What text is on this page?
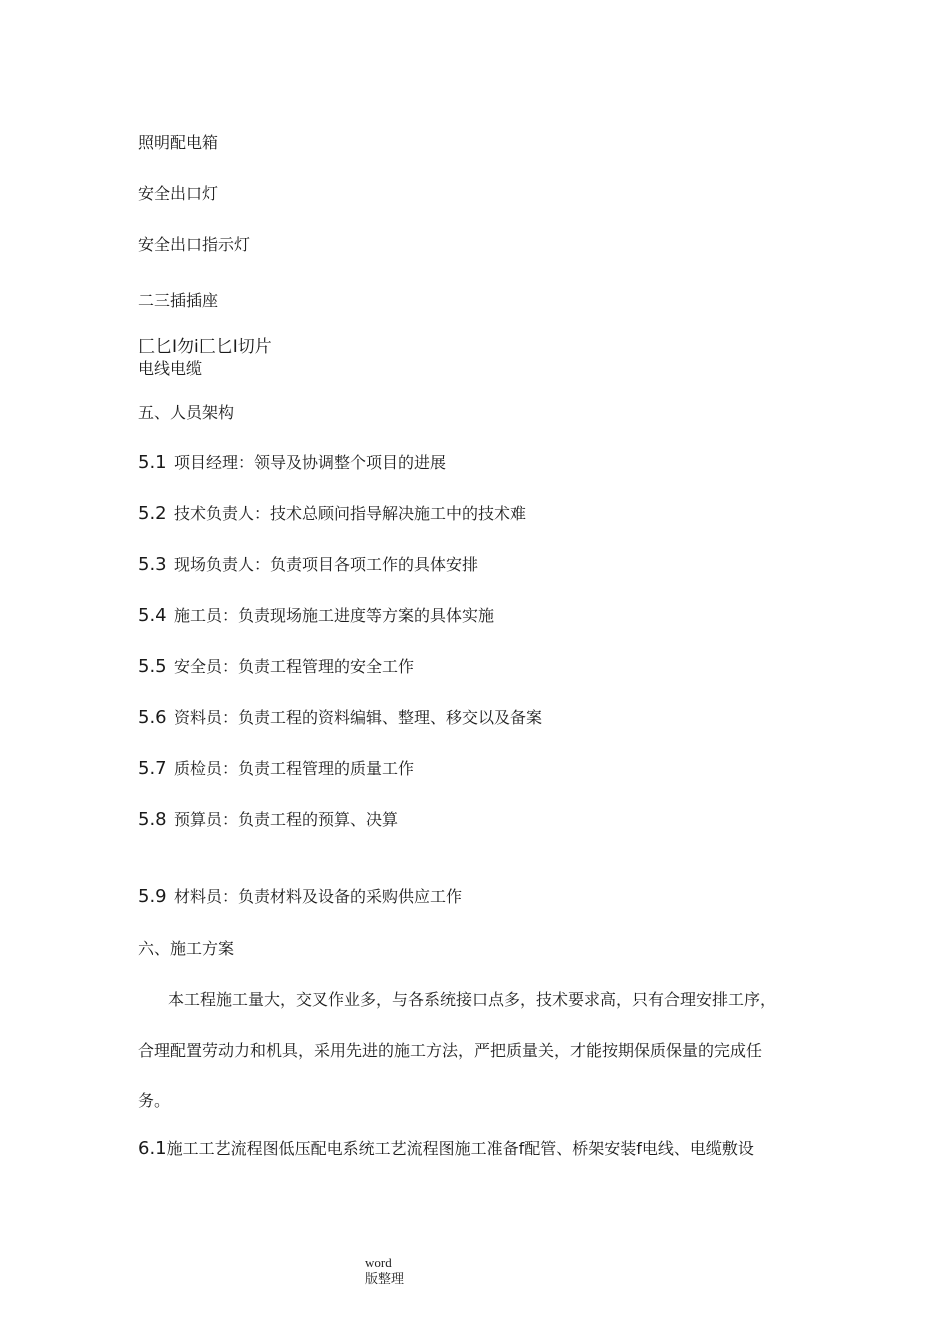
照明配电箱
安全出口灯
安全出口指示灯
二三插插座
匚匕I勿i匚匕I切片
电线电缆
五、人员架构
5.1 项目经理：领导及协调整个项目的进展
5.2 技术负责人：技术总顾问指导解决施工中的技术难
5.3 现场负责人：负责项目各项工作的具体安排
5.4 施工员：负责现场施工进度等方案的具体实施
5.5 安全员：负责工程管理的安全工作
5.6 资料员：负责工程的资料编辑、整理、移交以及备案
5.7 质检员：负责工程管理的质量工作
5.8 预算员：负责工程的预算、决算
5.9 材料员：负责材料及设备的采购供应工作
六、施工方案
本工程施工量大，交叉作业多，与各系统接口点多，技术要求高，只有合理安排工序，
合理配置劳动力和机具，采用先进的施工方法，严把质量关，才能按期保质保量的完成任
务。
6.1施工工艺流程图低压配电系统工艺流程图施工准备f配管、桥架安装f电线、电缆敷设
word
版整理
